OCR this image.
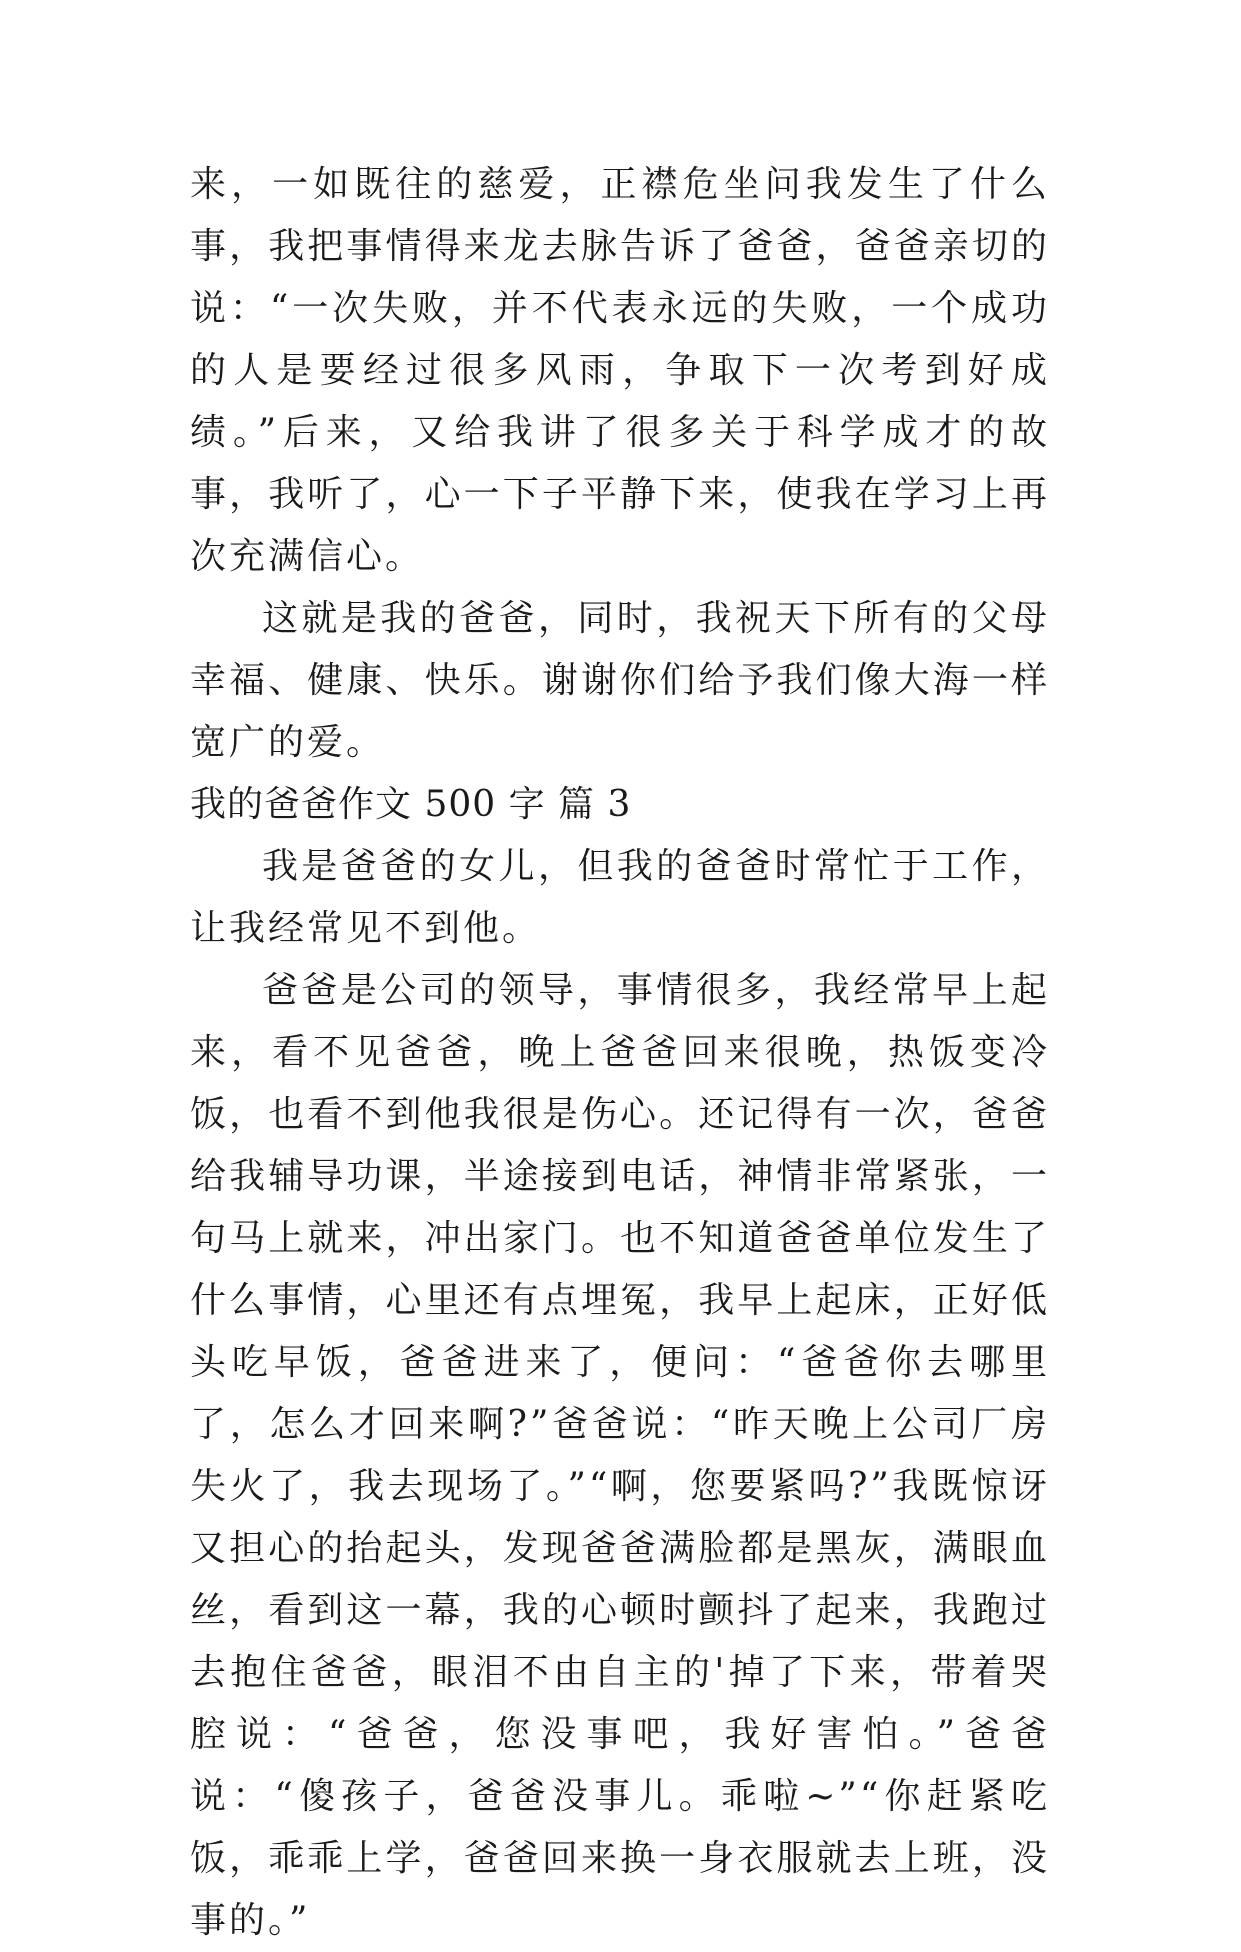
来，一如既往的慈爱，正襟危坐问我发生了什么事，我把事情得来龙去脉告诉了爸爸，爸爸亲切的说：“一次失败，并不代表永远的失败，一个成功的人是要经过很多风雨，争取下一次考到好成绩。”后来，又给我讲了很多关于科学成才的故事，我听了，心一下子平静下来，使我在学习上再次充满信心。

这就是我的爸爸，同时，我祝天下所有的父母幸福、健康、快乐。谢谢你们给予我们像大海一样宽广的爱。

我的爸爸作文 500 字 篇 3

我是爸爸的女儿，但我的爸爸时常忙于工作，让我经常见不到他。

爸爸是公司的领导，事情很多，我经常早上起来，看不见爸爸，晚上爸爸回来很晚，热饭变冷饭，也看不到他我很是伤心。还记得有一次，爸爸给我辅导功课，半途接到电话，神情非常紧张，一句马上就来，冲出家门。也不知道爸爸单位发生了什么事情，心里还有点埋冤，我早上起床，正好低头吃早饭，爸爸进来了，便问：“爸爸你去哪里了，怎么才回来啊?”爸爸说：“昨天晚上公司厂房失火了，我去现场了。”“啊，您要紧吗?”我既惊讶又担心的抬起头，发现爸爸满脸都是黑灰，满眼血丝，看到这一幕，我的心顿时颤抖了起来，我跑过去抱住爸爸，眼泪不由自主的'掉了下来，带着哭腔说：“爸爸，您没事吧，我好害怕。”爸爸说：“傻孩子，爸爸没事儿。乖啦~”“你赶紧吃饭，乖乖上学，爸爸回来换一身衣服就去上班，没事的。”
